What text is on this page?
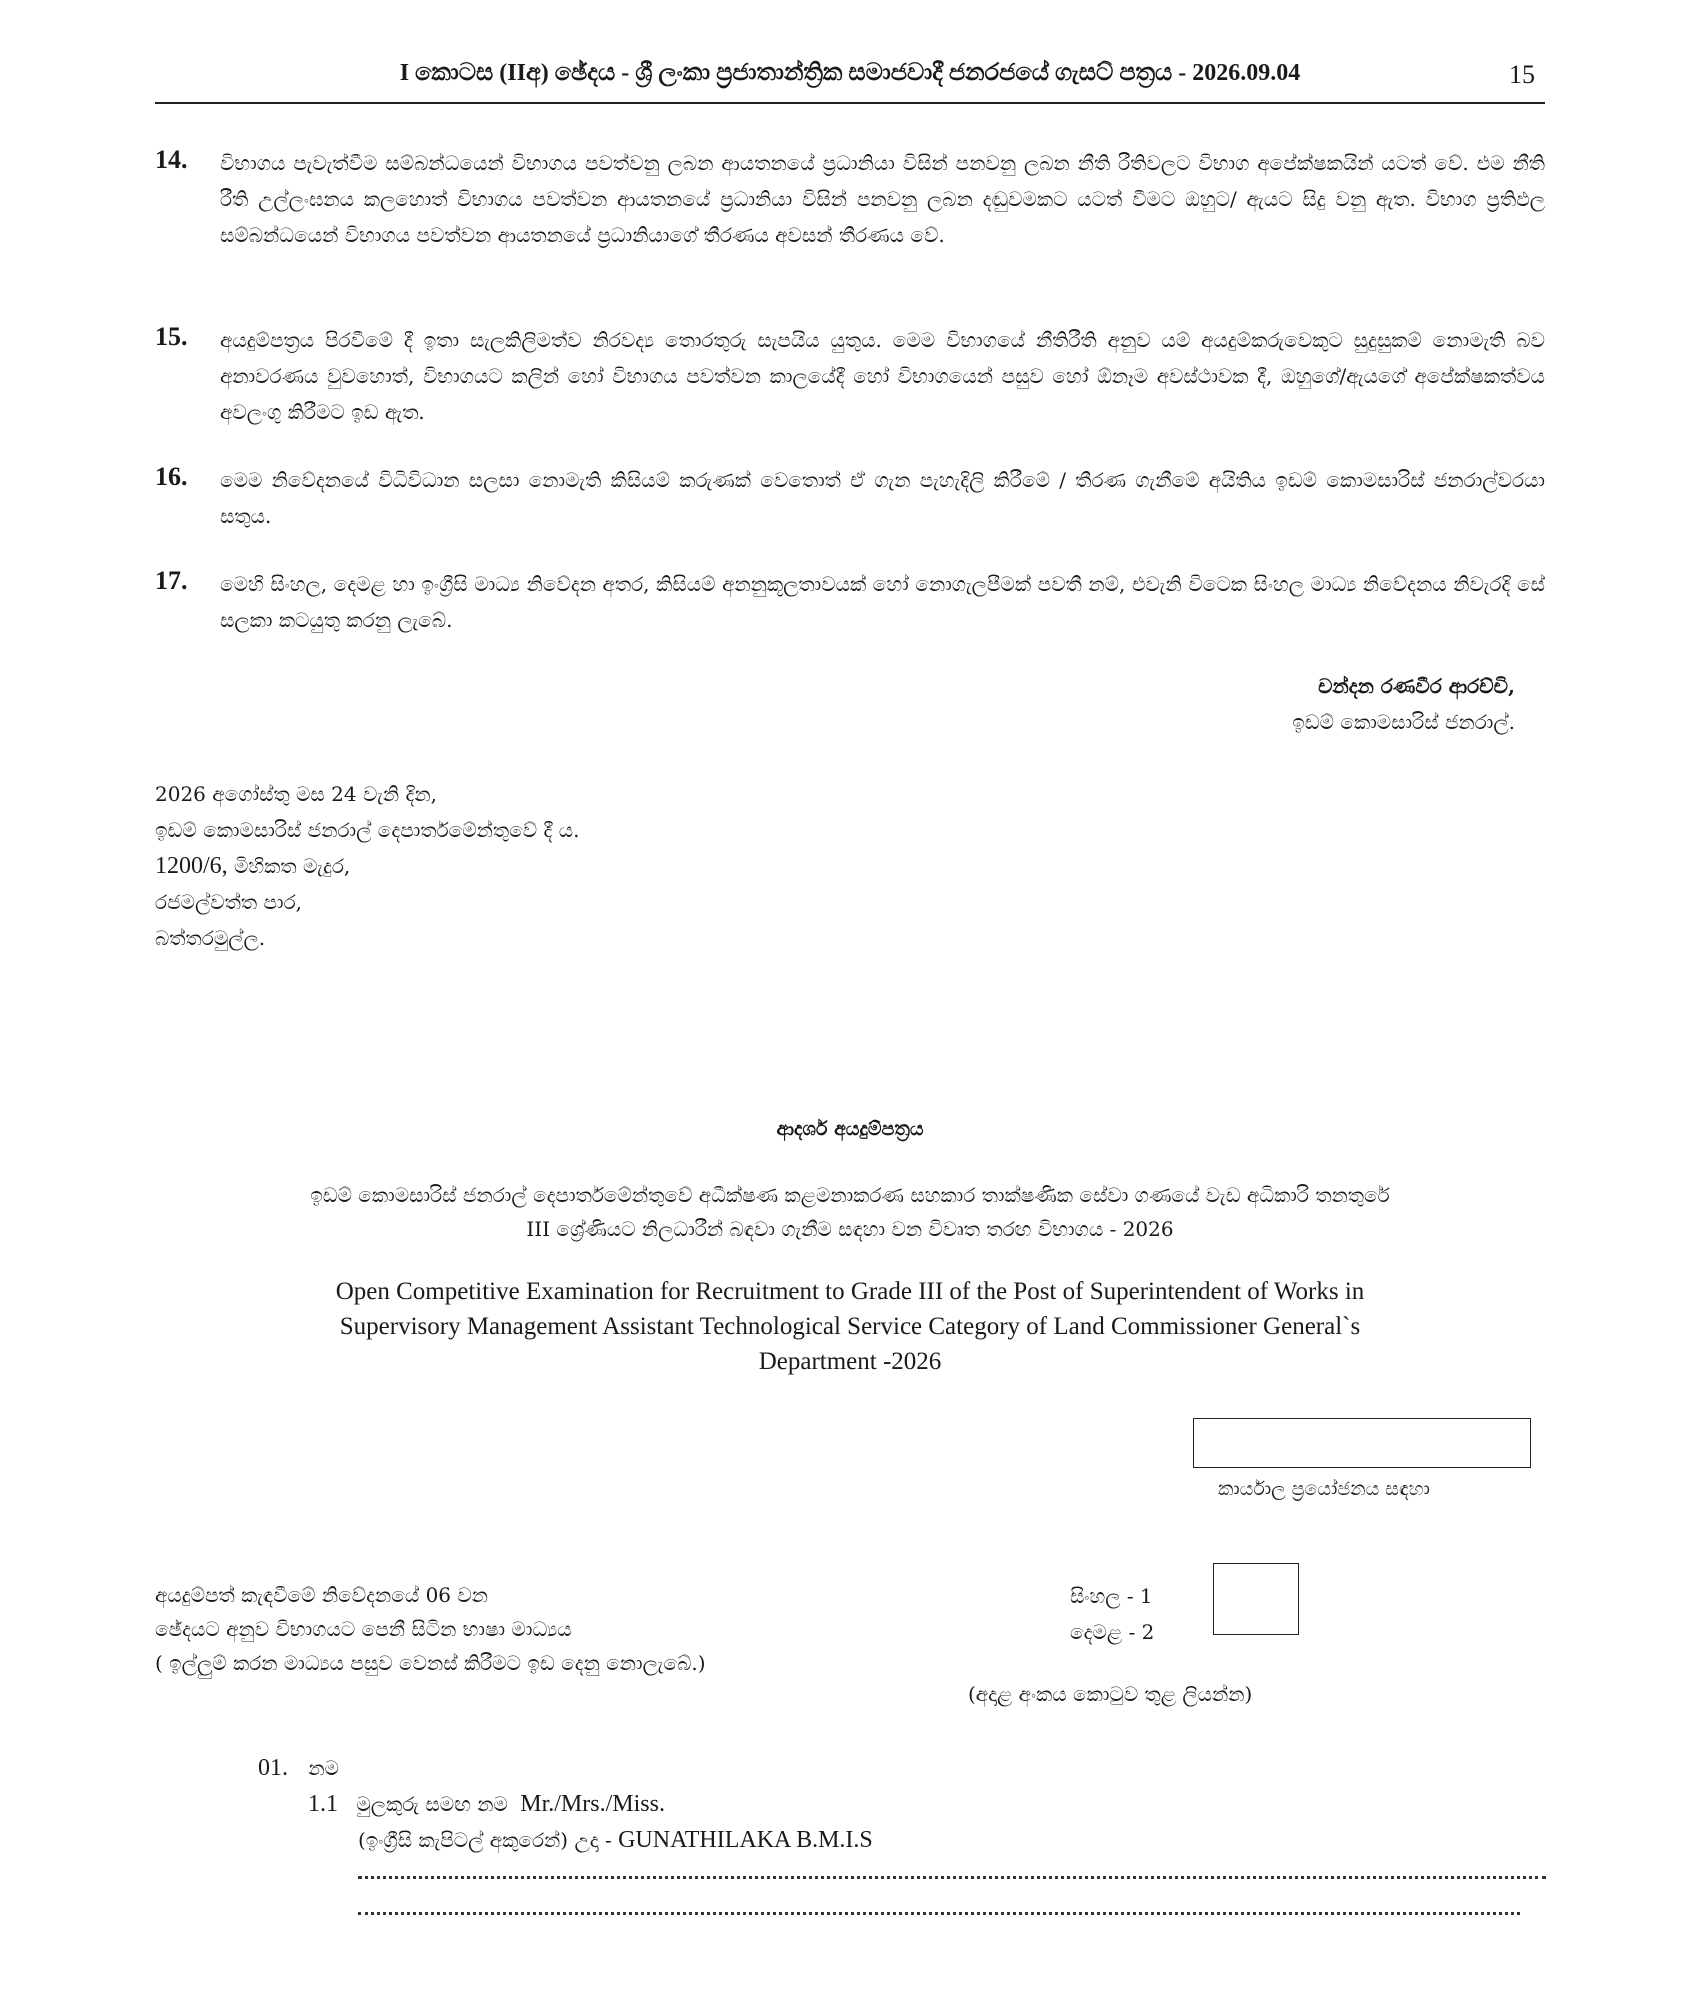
I කොටස (IIඅ) ඡේදය - ශ්‍රී ලංකා ප්‍රජාතාන්ත්‍රික සමාජවාදී ජනරජයේ ගැසට් පත්‍රය - 2026.09.04	15
14. විභාගය පැවැත්වීම සම්බන්ධයෙන් විභාගය පවත්වනු ලබන ආයතනයේ ප්‍රධානියා විසින් පනවනු ලබන නීති රීතිවලට විභාග අපේක්ෂකයින් යටත් වේ. එම නීති රීති උල්ලංඝනය කලහොත් විභාගය පවත්වන ආයතනයේ ප්‍රධානියා විසින් පනවනු ලබන දඬුවමකට යටත් වීමට ඔහුට/ ඇයට සිදු වනු ඇත. විභාග ප්‍රතිඵල සම්බන්ධයෙන් විභාගය පවත්වන ආයතනයේ ප්‍රධානියාගේ තීරණය අවසන් තීරණය වේ.
15. අයදුම්පත්‍රය පිරවීමේ දී ඉතා සැලකිලිමත්ව නිරවද්‍ය තොරතුරු සැපයිය යුතුය. මෙම විභාගයේ නීතිරීති අනුව යම් අයදුම්කරුවෙකුට සුදුසුකම් නොමැති බව අනාවරණය වුවහොත්, විභාගයට කලින් හෝ විභාගය පවත්වන කාලයේදී හෝ විභාගයෙන් පසුව හෝ ඕනෑම අවස්ථාවක දී, ඔහුගේ/ඇයගේ අපේක්ෂකත්වය අවලංගු කිරීමට ඉඩ ඇත.
16. මෙම නිවේදනයේ විධිවිධාන සලසා නොමැති කිසියම් කරුණක් වෙතොත් ඒ ගැන පැහැදිලි කිරීමේ / තීරණ ගැනීමේ අයිතිය ඉඩම් කොමසාරිස් ජනරාල්වරයා සතුය.
17. මෙහි සිංහල, දෙමළ හා ඉංග්‍රීසි මාධ්‍ය නිවේදන අතර, කිසියම් අනනුකූලතාවයක් හෝ නොගැලපීමක් පවතී නම්, එවැනි විටෙක සිංහල මාධ්‍ය නිවේදනය නිවැරදි සේ සලකා කටයුතු කරනු ලැබේ.
චන්දන රණවීර ආරච්චි,
ඉඩම් කොමසාරිස් ජනරාල්.
2026 අගෝස්තු මස 24 වැනි දින,
ඉඩම් කොමසාරිස් ජනරාල් දෙපාර්තමේන්තුවේ දී ය.
1200/6, මිහිකත මැදුර,
රජමල්වත්ත පාර,
බත්තරමුල්ල.
ආදර්ශ අයදුම්පත්‍රය
ඉඩම් කොමසාරිස් ජනරාල් දෙපාර්තමේන්තුවේ අධීක්ෂණ කළමනාකරණ සහකාර තාක්ෂණික සේවා ගණයේ වැඩ අධිකාරි තනතුරේ
III ශ්‍රේණියට නිලධාරීන් බඳවා ගැනීම සඳහා වන විවෘත තරඟ විභාගය - 2026
Open Competitive Examination for Recruitment to Grade III of the Post of Superintendent of Works in
Supervisory Management Assistant Technological Service Category of Land Commissioner General`s
Department -2026
කාර්යාල ප්‍රයෝජනය සඳහා
අයදුම්පත් කැඳවීමේ නිවේදනයේ 06 වන
ඡේදයට අනුව විභාගයට පෙනී සිටින භාෂා මාධ්‍යය
( ඉල්ලුම් කරන මාධ්‍යය පසුව වෙනස් කිරීමට ඉඩ දෙනු නොලැබේ.)
සිංහල - 1
දෙමළ - 2
(අදාළ අංකය කොටුව තුළ ලියන්න)
01. නම
1.1 මුලකුරු සමඟ නම Mr./Mrs./Miss.
(ඉංග්‍රීසි කැපිටල් අකුරෙන්) උදා - GUNATHILAKA B.M.I.S
